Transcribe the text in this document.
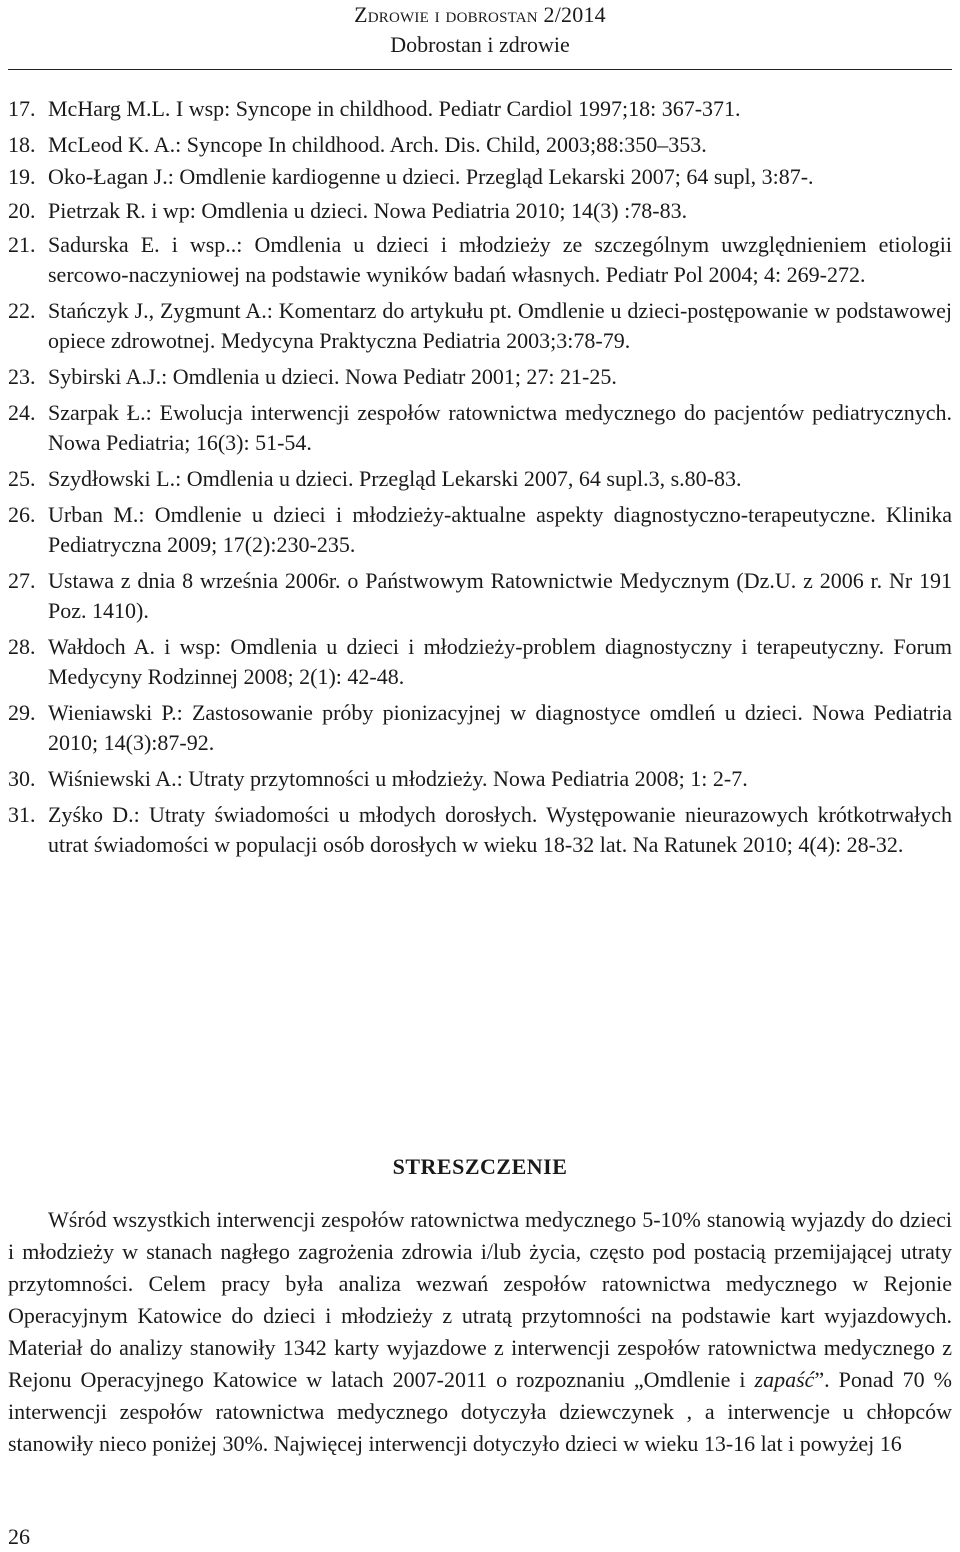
Zdrowie i dobrostan 2/2014
Dobrostan i zdrowie
17. McHarg M.L. I wsp: Syncope in childhood. Pediatr Cardiol 1997;18: 367-371.
18. McLeod K. A.: Syncope In childhood. Arch. Dis. Child, 2003;88:350–353.
19. Oko-Łagan J.: Omdlenie kardiogenne u dzieci. Przegląd Lekarski 2007; 64 supl, 3:87-.
20. Pietrzak R. i wp: Omdlenia u dzieci. Nowa Pediatria 2010; 14(3) :78-83.
21. Sadurska E. i wsp..: Omdlenia u dzieci i młodzieży ze szczególnym uwzględnieniem etiologii sercowo-naczyniowej na podstawie wyników badań własnych. Pediatr Pol 2004; 4: 269-272.
22. Stańczyk J., Zygmunt A.: Komentarz do artykułu pt. Omdlenie u dzieci-postępowanie w podstawowej opiece zdrowotnej. Medycyna Praktyczna Pediatria 2003;3:78-79.
23. Sybirski A.J.: Omdlenia u dzieci. Nowa Pediatr 2001; 27: 21-25.
24. Szarpak Ł.: Ewolucja interwencji zespołów ratownictwa medycznego do pacjentów pediatrycznych. Nowa Pediatria; 16(3): 51-54.
25. Szydłowski L.: Omdlenia u dzieci. Przegląd Lekarski 2007, 64 supl.3, s.80-83.
26. Urban M.: Omdlenie u dzieci i młodzieży-aktualne aspekty diagnostyczno-terapeutyczne. Klinika Pediatryczna 2009; 17(2):230-235.
27. Ustawa z dnia 8 września 2006r. o Państwowym Ratownictwie Medycznym (Dz.U. z 2006 r. Nr 191 Poz. 1410).
28. Wałdoch A. i wsp: Omdlenia u dzieci i młodzieży-problem diagnostyczny i terapeutyczny. Forum Medycyny Rodzinnej 2008; 2(1): 42-48.
29. Wieniawski P.: Zastosowanie próby pionizacyjnej w diagnostyce omdleń u dzieci. Nowa Pediatria 2010; 14(3):87-92.
30. Wiśniewski A.: Utraty przytomności u młodzieży. Nowa Pediatria 2008; 1: 2-7.
31. Zyśko D.: Utraty świadomości u młodych dorosłych. Występowanie nieurazowych krótkotrwałych utrat świadomości w populacji osób dorosłych w wieku 18-32 lat. Na Ratunek 2010; 4(4): 28-32.
STRESZCZENIE

Wśród wszystkich interwencji zespołów ratownictwa medycznego 5-10% stanowią wyjazdy do dzieci i młodzieży w stanach nagłego zagrożenia zdrowia i/lub życia, często pod postacią przemijającej utraty przytomności. Celem pracy była analiza wezwań zespołów ratownictwa medycznego w Rejonie Operacyjnym Katowice do dzieci i młodzieży z utratą przytomności na podstawie kart wyjazdowych. Materiał do analizy stanowiły 1342 karty wyjazdowe z interwencji zespołów ratownictwa medycznego z Rejonu Operacyjnego Katowice w latach 2007-2011 o rozpoznaniu „Omdlenie i zapaść”. Ponad 70 % interwencji zespołów ratownictwa medycznego dotyczyła dziewczynek , a interwencje u chłopców stanowiły nieco poniżej 30%. Najwięcej interwencji dotyczyło dzieci w wieku 13-16 lat i powyżej 16

26
